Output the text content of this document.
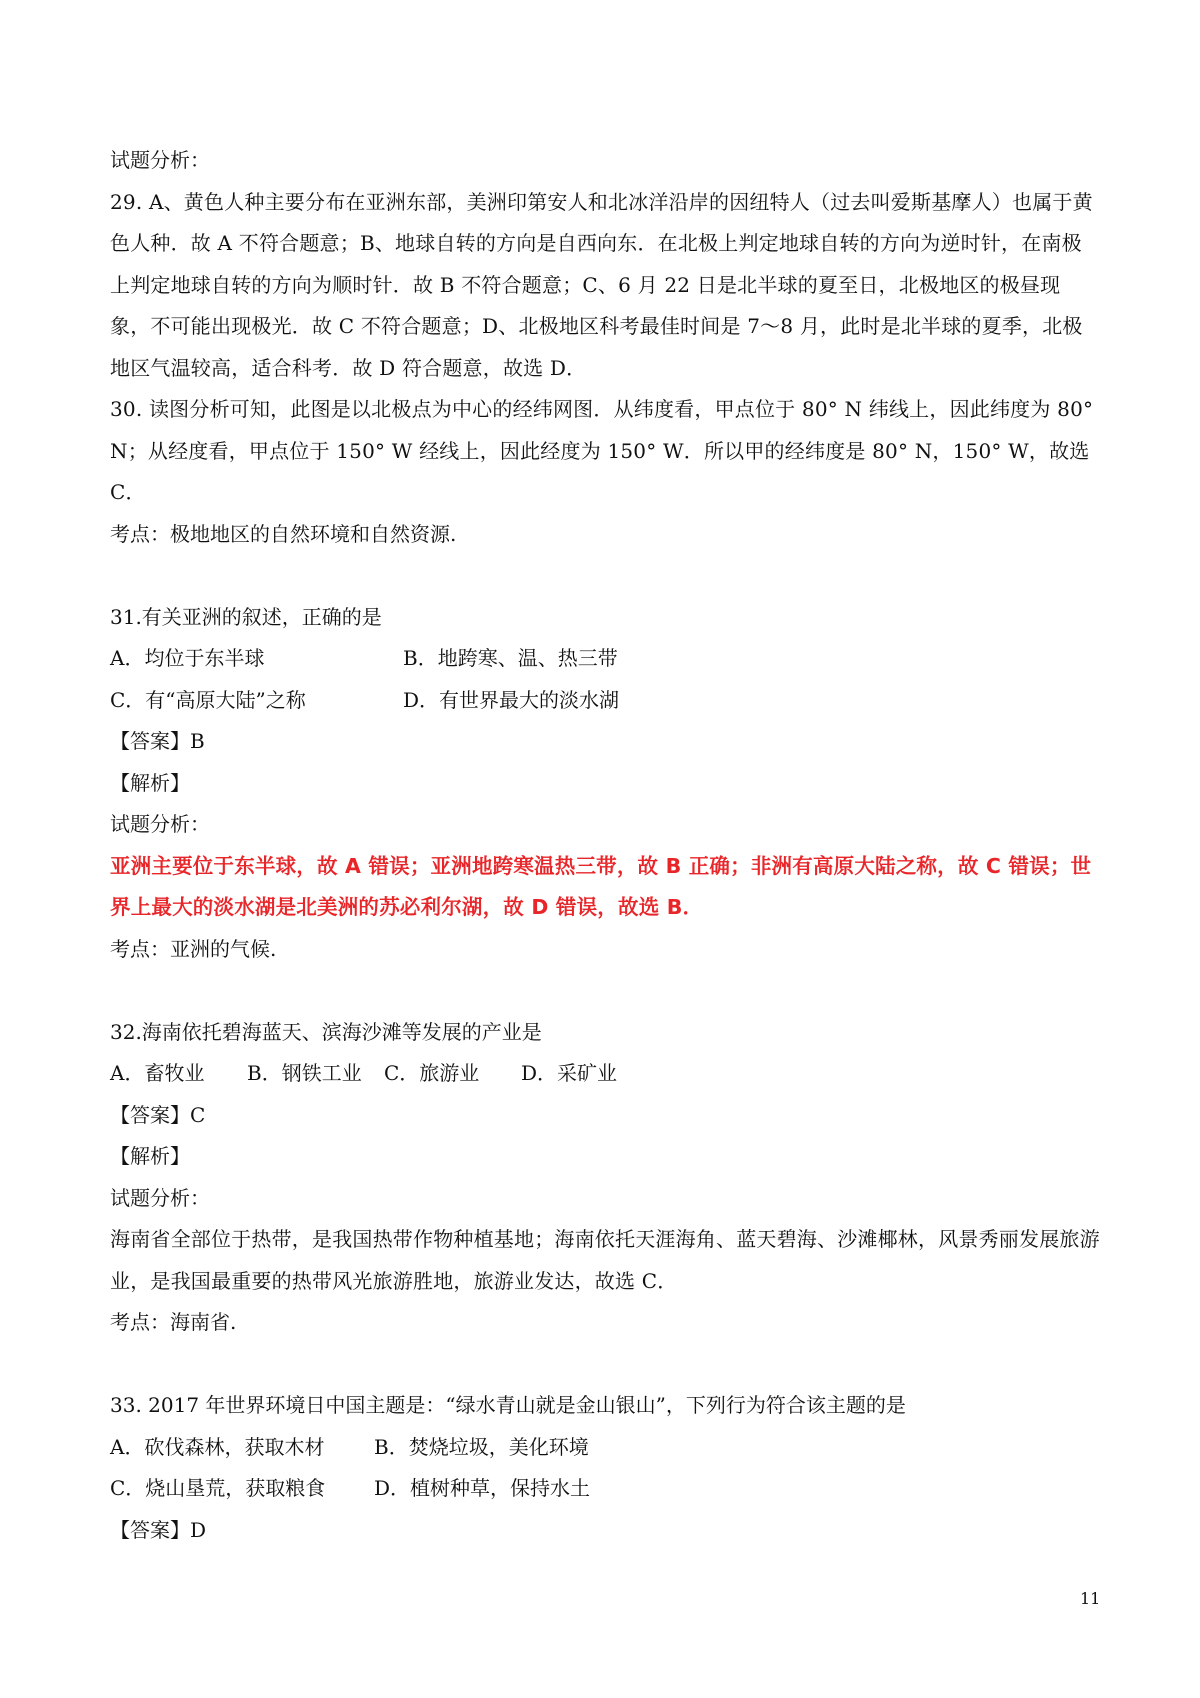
试题分析：
29. A、黄色人种主要分布在亚洲东部，美洲印第安人和北冰洋沿岸的因纽特人（过去叫爱斯基摩人）也属于黄色人种．故 A 不符合题意；B、地球自转的方向是自西向东．在北极上判定地球自转的方向为逆时针，在南极上判定地球自转的方向为顺时针．故 B 不符合题意；C、6 月 22 日是北半球的夏至日，北极地区的极昼现象，不可能出现极光．故 C 不符合题意；D、北极地区科考最佳时间是 7～8 月，此时是北半球的夏季，北极地区气温较高，适合科考．故 D 符合题意，故选 D．
30. 读图分析可知，此图是以北极点为中心的经纬网图．从纬度看，甲点位于 80° N 纬线上，因此纬度为 80° N；从经度看，甲点位于 150° W 经线上，因此经度为 150° W．所以甲的经纬度是 80° N，150° W，故选 C．
考点：极地地区的自然环境和自然资源.
31.有关亚洲的叙述，正确的是
A．均位于东半球	B．地跨寒、温、热三带
C．有“高原大陆”之称	D．有世界最大的淡水湖
【答案】B
【解析】
试题分析：
亚洲主要位于东半球，故 A 错误；亚洲地跨寒温热三带，故 B 正确；非洲有高原大陆之称，故 C 错误；世界上最大的淡水湖是北美洲的苏必利尔湖，故 D 错误，故选 B．
考点：亚洲的气候.
32.海南依托碧海蓝天、滨海沙滩等发展的产业是
A．畜牧业	B．钢铁工业	C．旅游业	D．采矿业
【答案】C
【解析】
试题分析：
海南省全部位于热带，是我国热带作物种植基地；海南依托天涯海角、蓝天碧海、沙滩椰林，风景秀丽发展旅游业，是我国最重要的热带风光旅游胜地，旅游业发达，故选 C．
考点：海南省.
33. 2017 年世界环境日中国主题是：“绿水青山就是金山银山”，下列行为符合该主题的是
A．砍伐森林，获取木材	B．焚烧垃圾，美化环境
C．烧山垦荒，获取粮食	D．植树种草，保持水土
【答案】D
11
